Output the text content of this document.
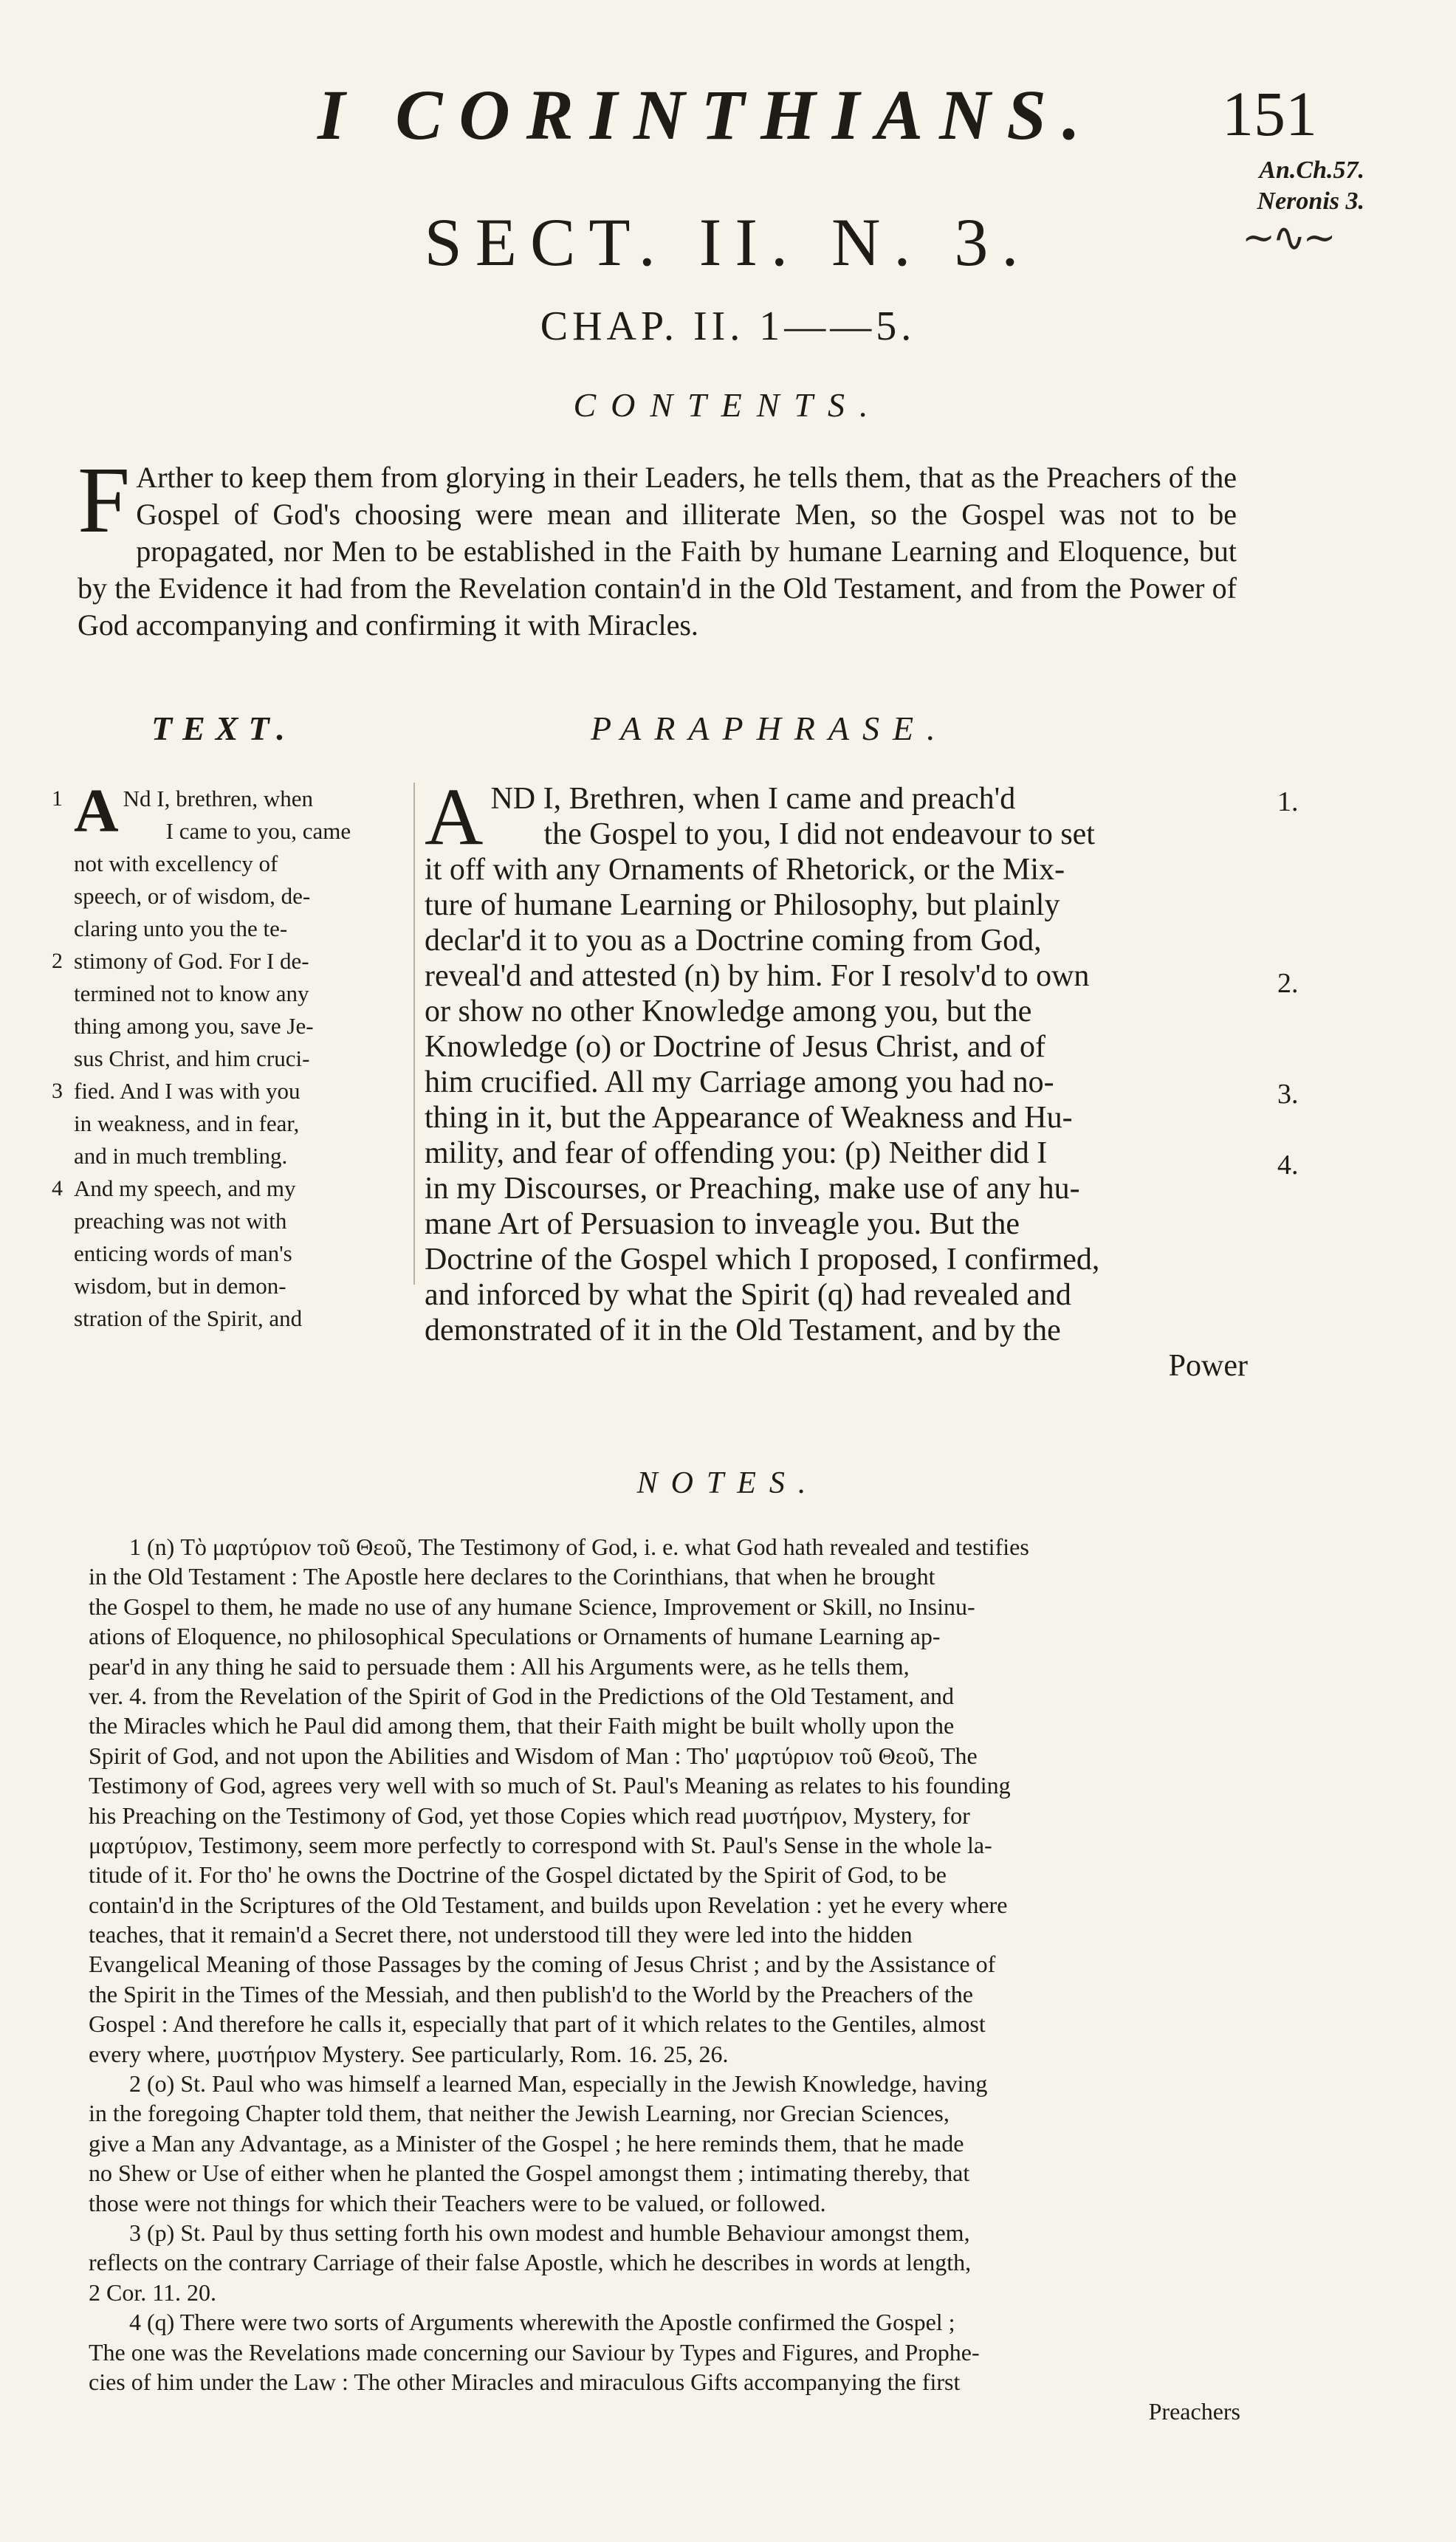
I CORINTHIANS. 151
An.Ch.57.
Neronis 3.
~∿~
SECT. II. N. 3.
CHAP. II. 1——5.
CONTENTS.
F Arther to keep them from glorying in their Leaders, he tells them, that as the Preachers of the Gospel of God's choosing were mean and illiterate Men, so the Gospel was not to be propagated, nor Men to be established in the Faith by humane Learning and Eloquence, but by the Evidence it had from the Revelation contain'd in the Old Testament, and from the Power of God accompanying and confirming it with Miracles.
TEXT.	PARAPHRASE.
1 A Nd I, brethren, when
I came to you, came
not with excellency of
speech, or of wisdom, de-
claring unto you the te-
2 stimony of God. For I de-
termined not to know any
thing among you, save Je-
sus Christ, and him cruci-
3 fied. And I was with you
in weakness, and in fear,
and in much trembling.
4 And my speech, and my
preaching was not with
enticing words of man's
wisdom, but in demon-
stration of the Spirit, and
AND I, Brethren, when I came and preach'd
the Gospel to you, I did not endeavour to set
it off with any Ornaments of Rhetorick, or the Mix-
ture of humane Learning or Philosophy, but plainly
declar'd it to you as a Doctrine coming from God,
reveal'd and attested (n) by him. For I resolv'd to own
or show no other Knowledge among you, but the
Knowledge (o) or Doctrine of Jesus Christ, and of
him crucified. All my Carriage among you had no-
thing in it, but the Appearance of Weakness and Hu-
mility, and fear of offending you: (p) Neither did I
in my Discourses, or Preaching, make use of any hu-
mane Art of Persuasion to inveagle you. But the
Doctrine of the Gospel which I proposed, I confirmed,
and inforced by what the Spirit (q) had revealed and
demonstrated of it in the Old Testament, and by the
Power
1.
2.
3.
4.
NOTES.
1 (n) Τὸ μαρτύριον τοῦ Θεοῦ, The Testimony of God, i. e. what God hath revealed and testifies
in the Old Testament : The Apostle here declares to the Corinthians, that when he brought
the Gospel to them, he made no use of any humane Science, Improvement or Skill, no Insinu-
ations of Eloquence, no philosophical Speculations or Ornaments of humane Learning ap-
pear'd in any thing he said to persuade them : All his Arguments were, as he tells them,
ver. 4. from the Revelation of the Spirit of God in the Predictions of the Old Testament, and
the Miracles which he Paul did among them, that their Faith might be built wholly upon the
Spirit of God, and not upon the Abilities and Wisdom of Man : Tho' μαρτύριον τοῦ Θεοῦ, The
Testimony of God, agrees very well with so much of St. Paul's Meaning as relates to his founding
his Preaching on the Testimony of God, yet those Copies which read μυστήριον, Mystery, for
μαρτύριον, Testimony, seem more perfectly to correspond with St. Paul's Sense in the whole la-
titude of it. For tho' he owns the Doctrine of the Gospel dictated by the Spirit of God, to be
contain'd in the Scriptures of the Old Testament, and builds upon Revelation : yet he every where
teaches, that it remain'd a Secret there, not understood till they were led into the hidden
Evangelical Meaning of those Passages by the coming of Jesus Christ ; and by the Assistance of
the Spirit in the Times of the Messiah, and then publish'd to the World by the Preachers of the
Gospel : And therefore he calls it, especially that part of it which relates to the Gentiles, almost
every where, μυστήριον Mystery. See particularly, Rom. 16. 25, 26.
2 (o) St. Paul who was himself a learned Man, especially in the Jewish Knowledge, having
in the foregoing Chapter told them, that neither the Jewish Learning, nor Grecian Sciences,
give a Man any Advantage, as a Minister of the Gospel ; he here reminds them, that he made
no Shew or Use of either when he planted the Gospel amongst them ; intimating thereby, that
those were not things for which their Teachers were to be valued, or followed.
3 (p) St. Paul by thus setting forth his own modest and humble Behaviour amongst them,
reflects on the contrary Carriage of their false Apostle, which he describes in words at length,
2 Cor. 11. 20.
4 (q) There were two sorts of Arguments wherewith the Apostle confirmed the Gospel ;
The one was the Revelations made concerning our Saviour by Types and Figures, and Prophe-
cies of him under the Law : The other Miracles and miraculous Gifts accompanying the first
Preachers
